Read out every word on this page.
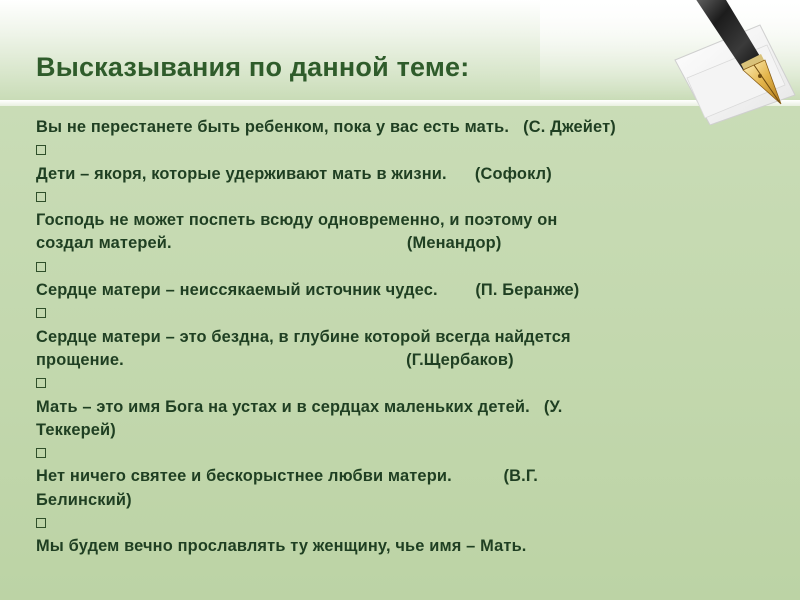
Высказывания по данной теме:
Вы не перестанете быть ребенком, пока у вас есть мать.   (С. Джейет)
Дети – якоря, которые удерживают мать в жизни.      (Софокл)
Господь не может поспеть всюду одновременно, и поэтому он
создал матерей.                                                  (Менандор)
Сердце матери – неиссякаемый источник чудес.        (П. Беранже)
Сердце матери – это бездна, в глубине которой всегда найдется
прощение.                                                            (Г.Щербаков)
Мать – это имя Бога на устах и в сердцах маленьких детей.   (У.
Теккерей)
Нет ничего святее и бескорыстнее любви матери.           (В.Г.
Белинский)
Мы будем вечно прославлять ту женщину, чье имя – Мать.
